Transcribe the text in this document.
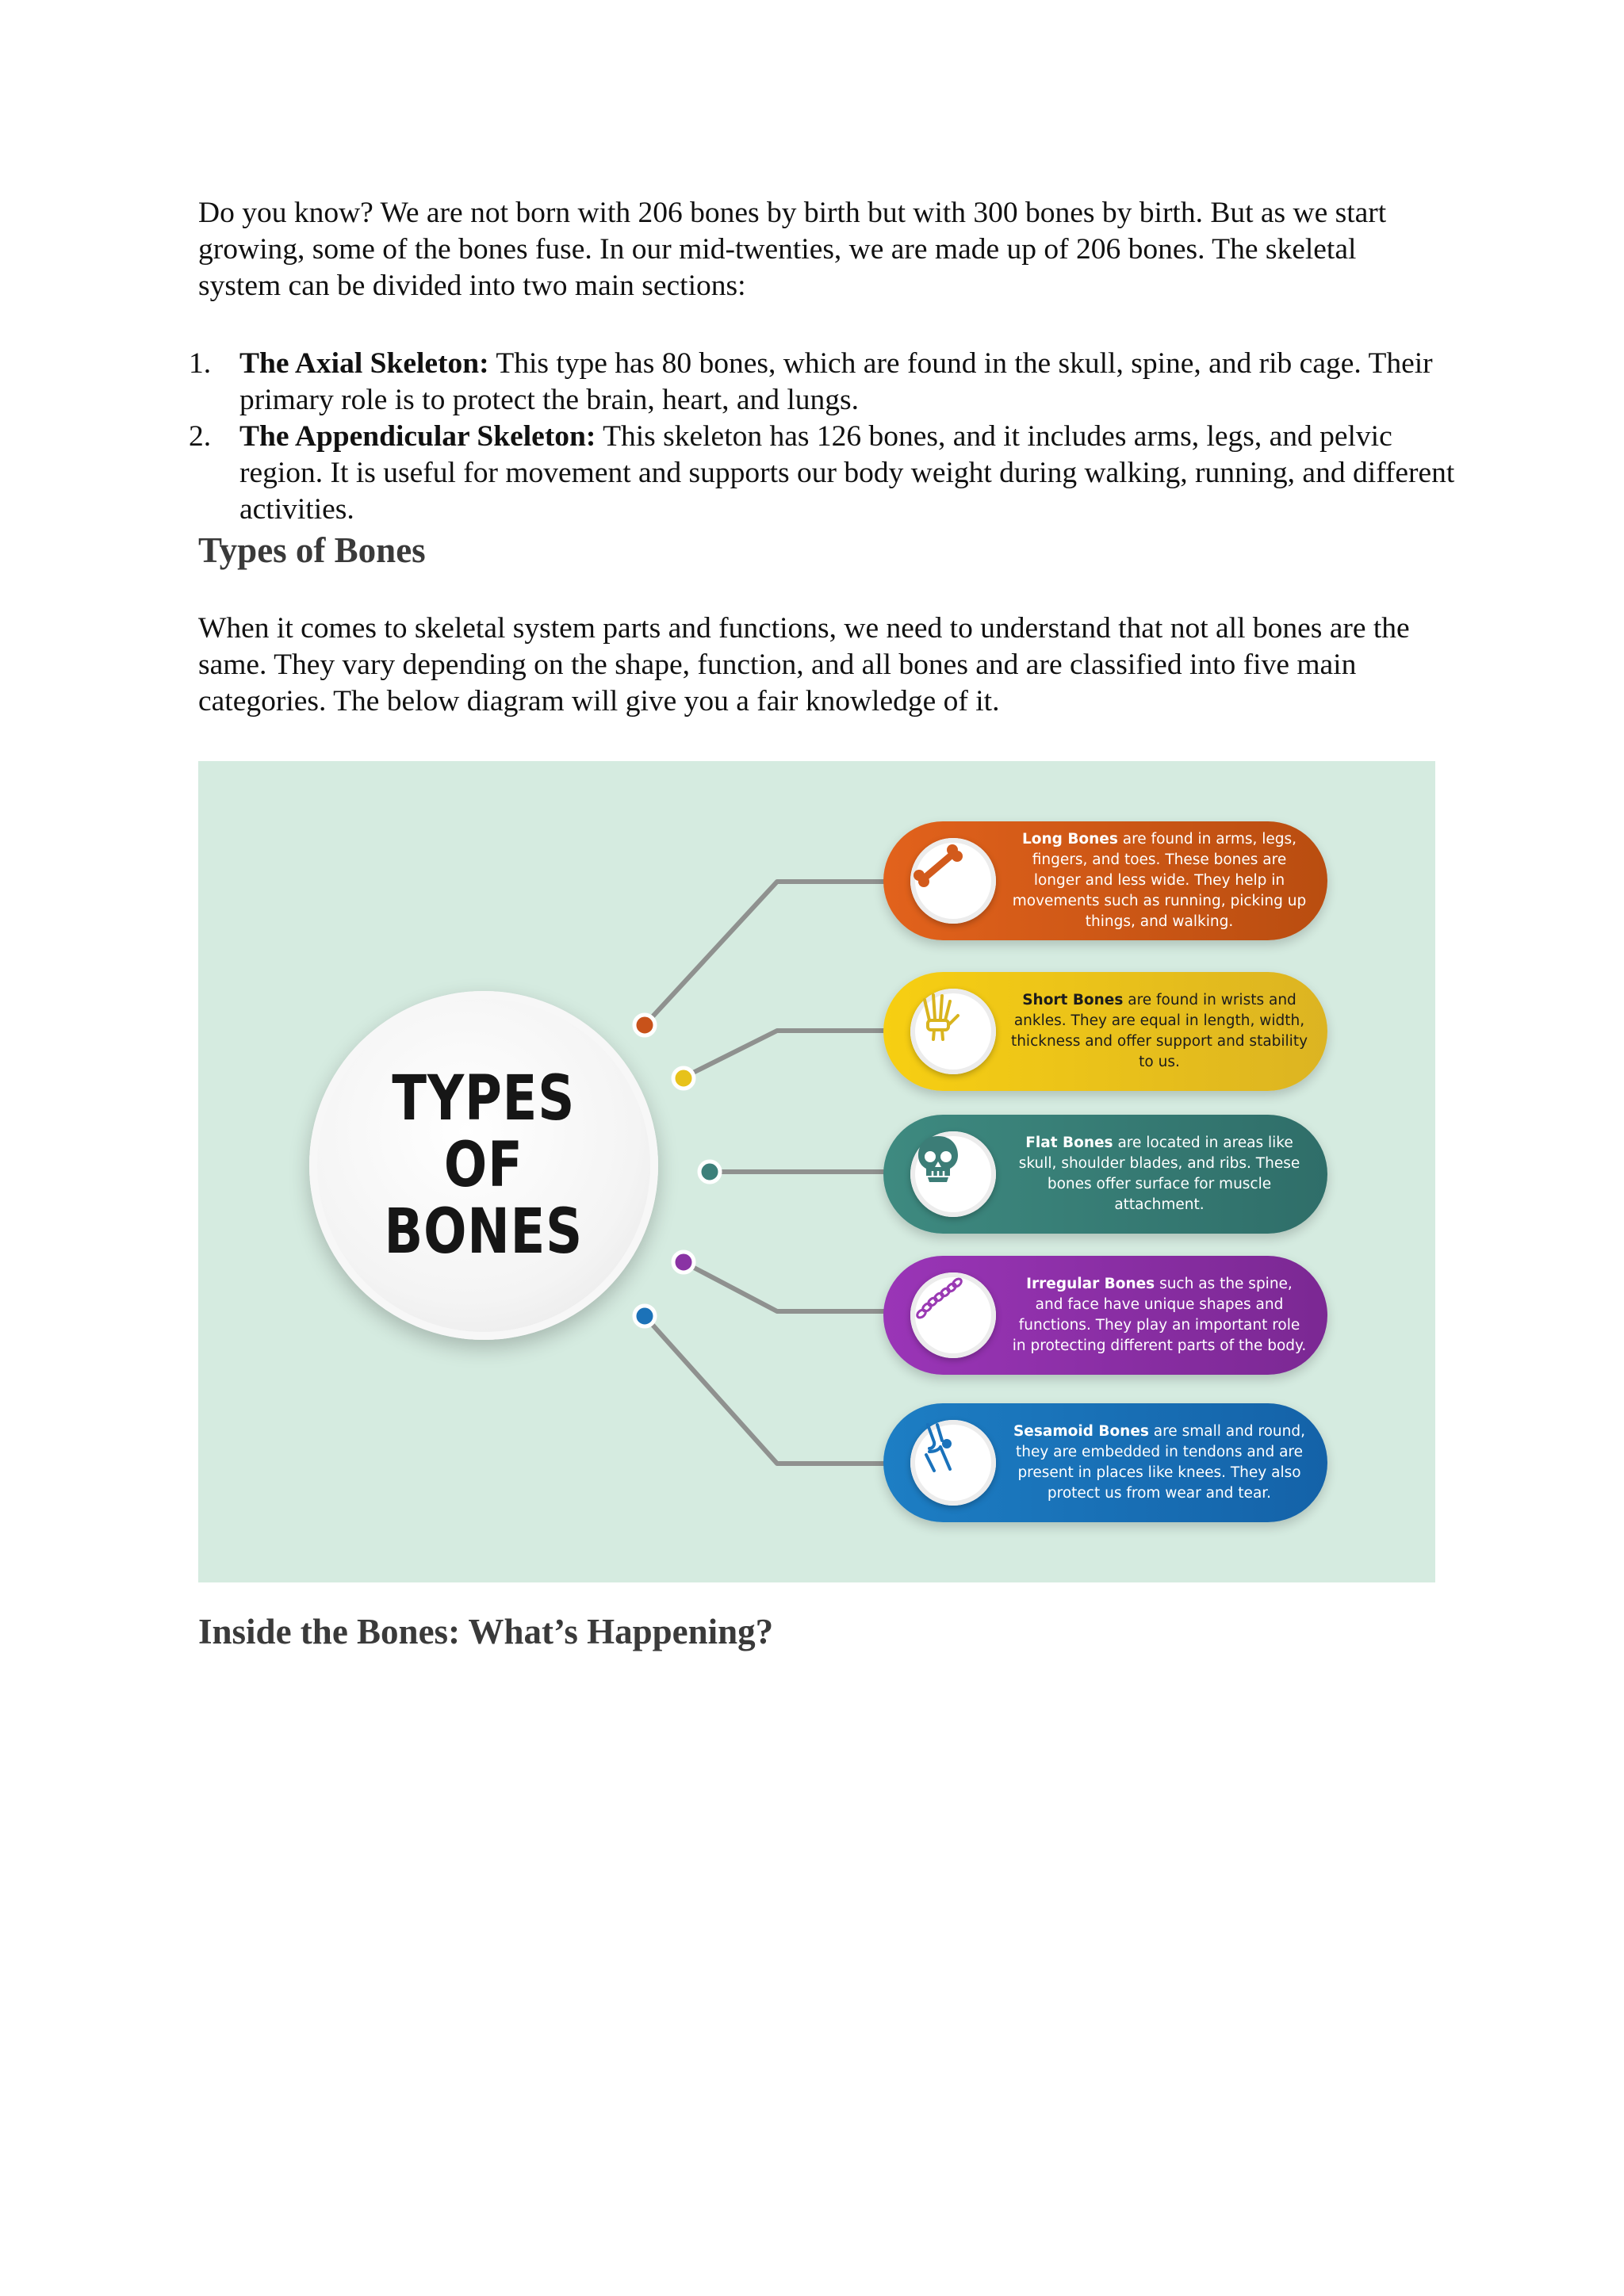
Do you know? We are not born with 206 bones by birth but with 300 bones by birth. But as we start growing, some of the bones fuse. In our mid-twenties, we are made up of 206 bones. The skeletal system can be divided into two main sections:

1. The Axial Skeleton: This type has 80 bones, which are found in the skull, spine, and rib cage. Their primary role is to protect the brain, heart, and lungs.
2. The Appendicular Skeleton: This skeleton has 126 bones, and it includes arms, legs, and pelvic region. It is useful for movement and supports our body weight during walking, running, and different activities.
Types of Bones

When it comes to skeletal system parts and functions, we need to understand that not all bones are the same. They vary depending on the shape, function, and all bones and are classified into five main categories. The below diagram will give you a fair knowledge of it.

TYPES
OF
BONES
Long Bones are found in arms, legs, fingers, and toes. These bones are longer and less wide. They help in movements such as running, picking up things, and walking.
Short Bones are found in wrists and ankles. They are equal in length, width, thickness and offer support and stability to us.
Flat Bones are located in areas like skull, shoulder blades, and ribs. These bones offer surface for muscle attachment.
Irregular Bones such as the spine, and face have unique shapes and functions. They play an important role in protecting different parts of the body.
Sesamoid Bones are small and round, they are embedded in tendons and are present in places like knees. They also protect us from wear and tear.
Inside the Bones: What’s Happening?
